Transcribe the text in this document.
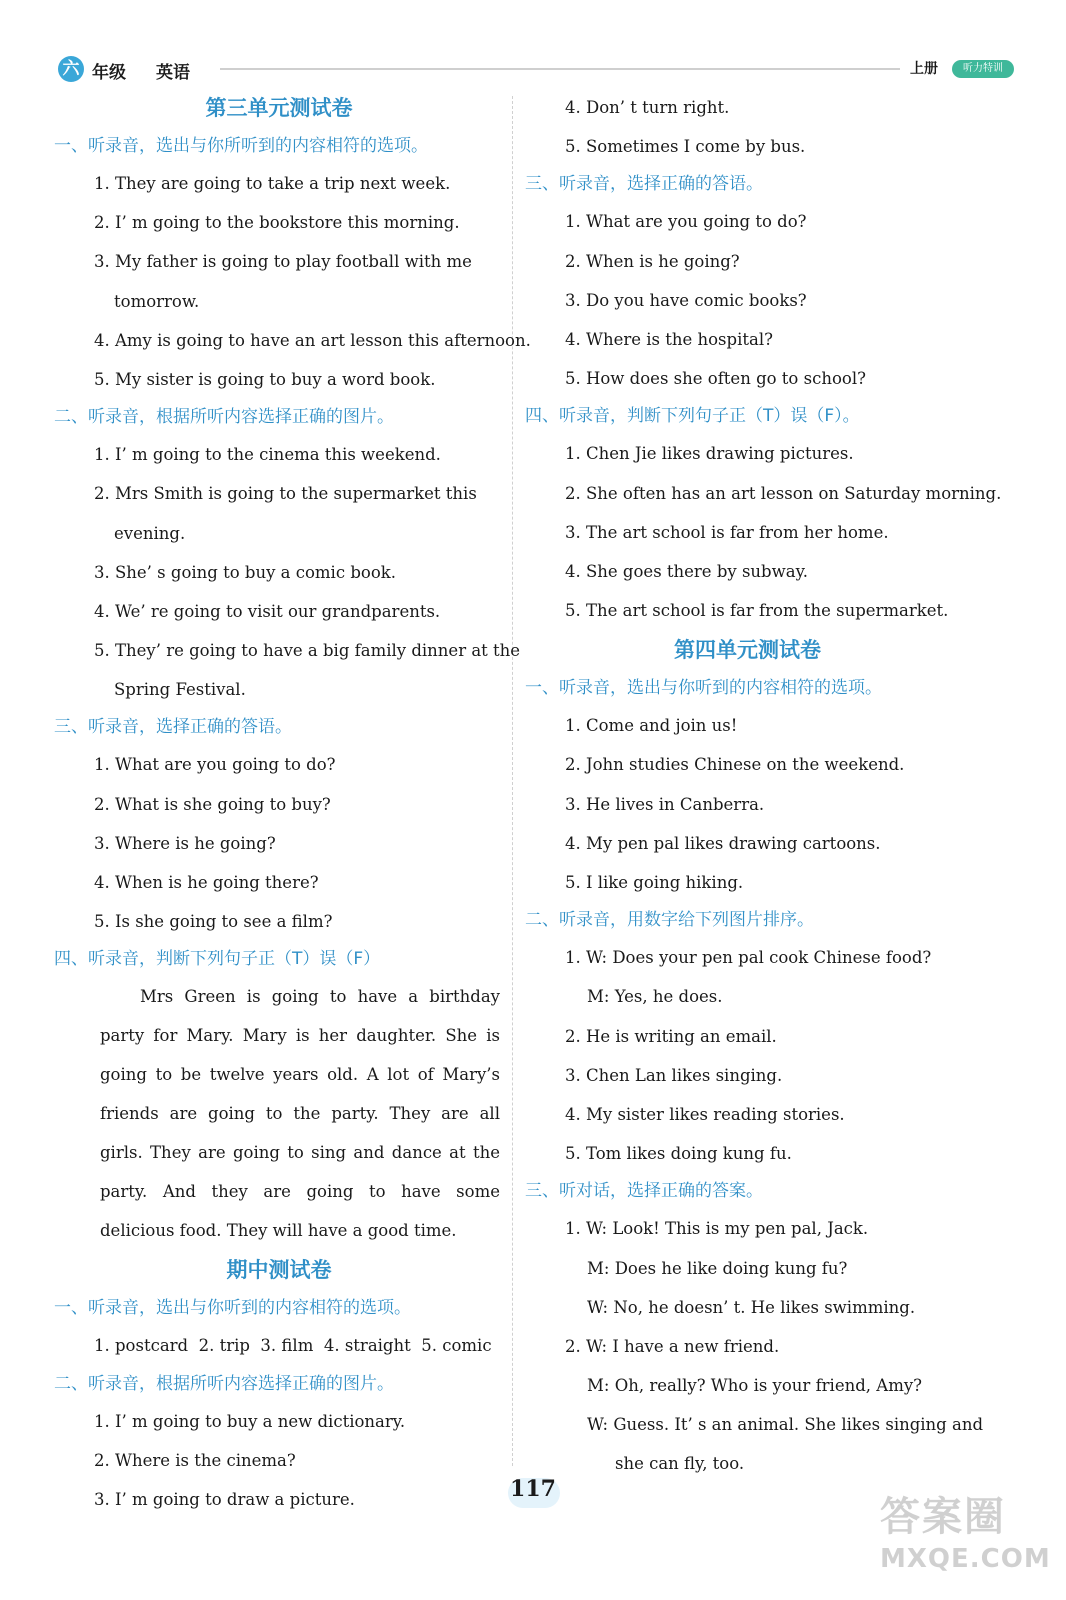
六 年级 英语	上册	听力特训
第三单元测试卷
一、听录音，选出与你所听到的内容相符的选项。
1. They are going to take a trip next week.
2. I’ m going to the bookstore this morning.
3. My father is going to play football with me
tomorrow.
4. Amy is going to have an art lesson this afternoon.
5. My sister is going to buy a word book.
二、听录音，根据所听内容选择正确的图片。
1. I’ m going to the cinema this weekend.
2. Mrs Smith is going to the supermarket this
evening.
3. She’ s going to buy a comic book.
4. We’ re going to visit our grandparents.
5. They’ re going to have a big family dinner at the
Spring Festival.
三、听录音，选择正确的答语。
1. What are you going to do?
2. What is she going to buy?
3. Where is he going?
4. When is he going there?
5. Is she going to see a film?
四、听录音，判断下列句子正（T）误（F）
Mrs Green is going to have a birthday party for Mary. Mary is her daughter. She is going to be twelve years old. A lot of Mary’s friends are going to the party. They are all girls. They are going to sing and dance at the party. And they are going to have some delicious food. They will have a good time.
期中测试卷
一、听录音，选出与你听到的内容相符的选项。
1. postcard  2. trip  3. film  4. straight  5. comic
二、听录音，根据所听内容选择正确的图片。
1. I’ m going to buy a new dictionary.
2. Where is the cinema?
3. I’ m going to draw a picture.
4. Don’ t turn right.
5. Sometimes I come by bus.
三、听录音，选择正确的答语。
1. What are you going to do?
2. When is he going?
3. Do you have comic books?
4. Where is the hospital?
5. How does she often go to school?
四、听录音，判断下列句子正（T）误（F）。
1. Chen Jie likes drawing pictures.
2. She often has an art lesson on Saturday morning.
3. The art school is far from her home.
4. She goes there by subway.
5. The art school is far from the supermarket.
第四单元测试卷
一、听录音，选出与你听到的内容相符的选项。
1. Come and join us!
2. John studies Chinese on the weekend.
3. He lives in Canberra.
4. My pen pal likes drawing cartoons.
5. I like going hiking.
二、听录音，用数字给下列图片排序。
1. W: Does your pen pal cook Chinese food?
M: Yes, he does.
2. He is writing an email.
3. Chen Lan likes singing.
4. My sister likes reading stories.
5. Tom likes doing kung fu.
三、听对话，选择正确的答案。
1. W: Look! This is my pen pal, Jack.
M: Does he like doing kung fu?
W: No, he doesn’ t. He likes swimming.
2. W: I have a new friend.
M: Oh, really? Who is your friend, Amy?
W: Guess. It’ s an animal. She likes singing and
she can fly, too.
117
答案圈
MXQE.COM
